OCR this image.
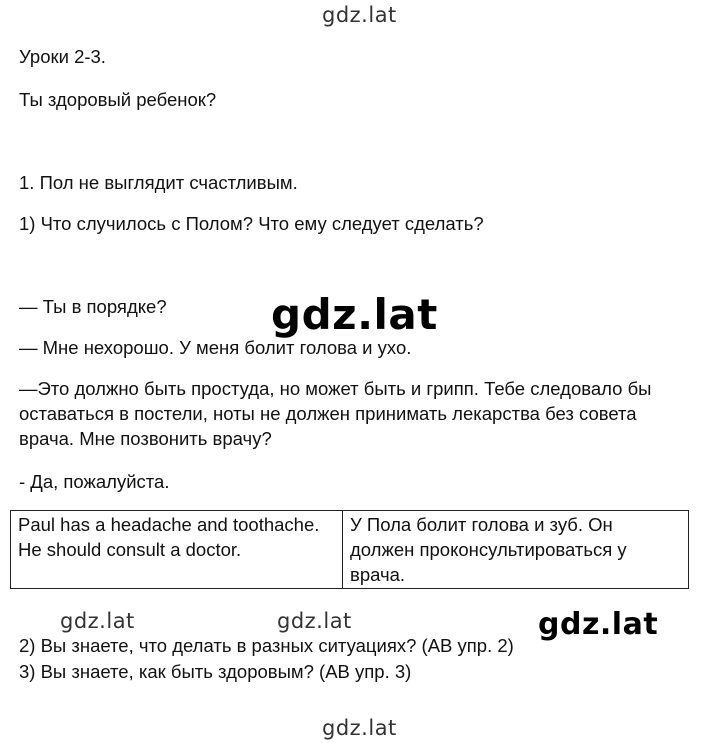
gdz.lat
gdz.lat
gdz.lat	gdz.lat	gdz.lat
gdz.lat
Уроки 2-3.
Ты здоровый ребенок?
1. Пол не выглядит счастливым.
1) Что случилось с Полом? Что ему следует сделать?
— Ты в порядке?
— Мне нехорошо. У меня болит голова и ухо.
—Это должно быть простуда, но может быть и грипп. Тебе следовало бы оставаться в постели, ноты не должен принимать лекарства без совета врача. Мне позвонить врачу?
- Да, пожалуйста.
Paul has a headache and toothache. He should consult a doctor.	У Пола болит голова и зуб. Он должен проконсультироваться у врача.
2) Вы знаете, что делать в разных ситуациях? (АВ упр. 2)
3) Вы знаете, как быть здоровым? (АВ упр. 3)
